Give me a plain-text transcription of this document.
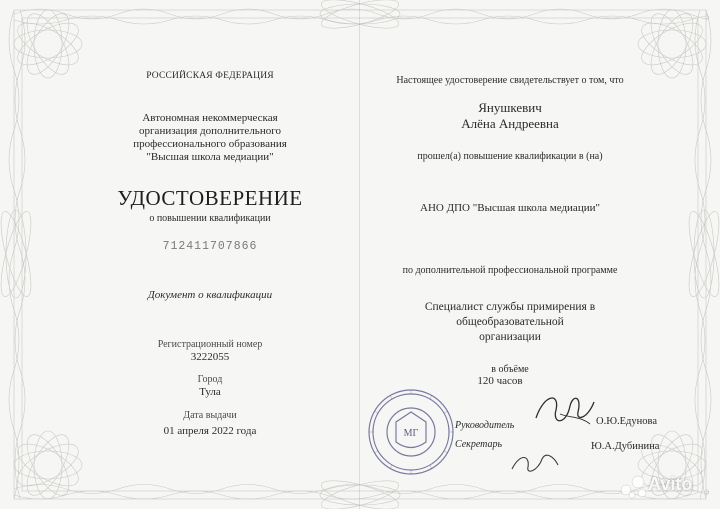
РОССИЙСКАЯ ФЕДЕРАЦИЯ
Автономная некоммерческая
организация дополнительного
профессионального образования
"Высшая школа медиации"
УДОСТОВЕРЕНИЕ
о повышении квалификации
712411707866
Документ о квалификации
Регистрационный номер
3222055
Город
Тула
Дата выдачи
01 апреля 2022 года
Настоящее удостоверение свидетельствует о том, что
Янушкевич
Алёна Андреевна
прошел(а) повышение квалификации в (на)
АНО ДПО "Высшая школа медиации"
по дополнительной профессиональной программе
Специалист службы примирения в общеобразовательной
организации
в объёме
120 часов
МГ
Руководитель
Секретарь
О.Ю.Едунова
Ю.А.Дубинина
Avito
